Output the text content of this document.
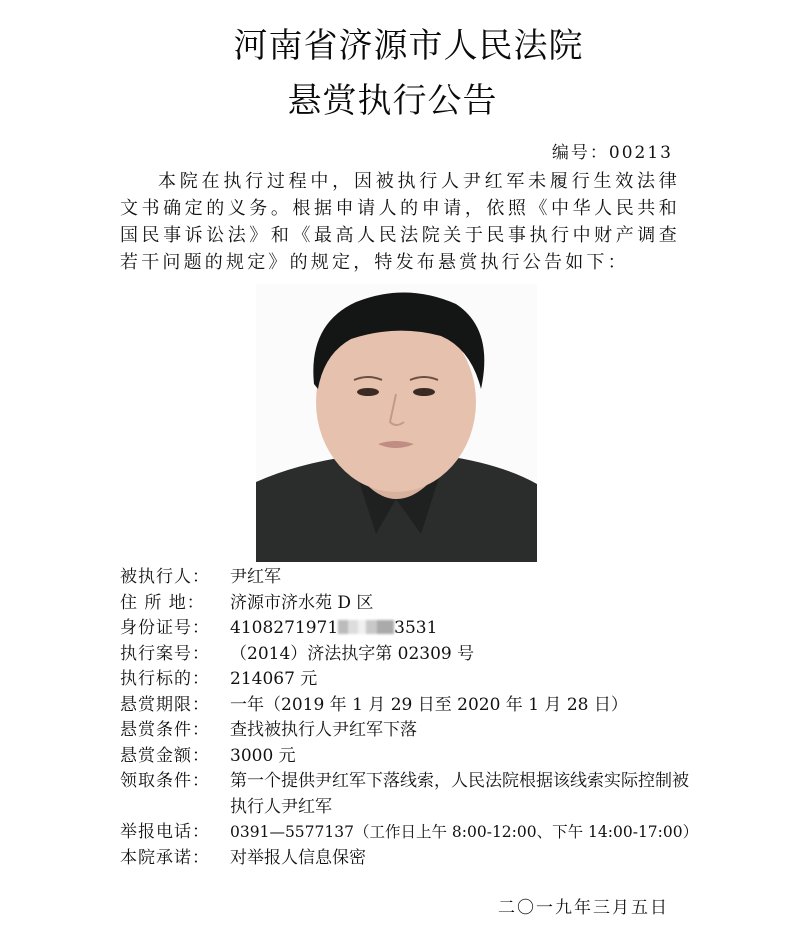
河南省济源市人民法院
悬赏执行公告
编号：00213
本院在执行过程中，因被执行人尹红军未履行生效法律文书确定的义务。根据申请人的申请，依照《中华人民共和国民事诉讼法》和《最高人民法院关于民事执行中财产调查若干问题的规定》的规定，特发布悬赏执行公告如下：
被执行人：	尹红军
住 所 地：	济源市济水苑 D 区
身份证号：	4108271971	3531
执行案号：	（2014）济法执字第 02309 号
执行标的：	214067 元
悬赏期限：	一年（2019 年 1 月 29 日至 2020 年 1 月 28 日）
悬赏条件：	查找被执行人尹红军下落
悬赏金额：	3000 元
领取条件：	第一个提供尹红军下落线索，人民法院根据该线索实际控制被执行人尹红军
举报电话：	0391—5577137（工作日上午 8:00-12:00、下午 14:00-17:00）
本院承诺：	对举报人信息保密
二〇一九年三月五日
